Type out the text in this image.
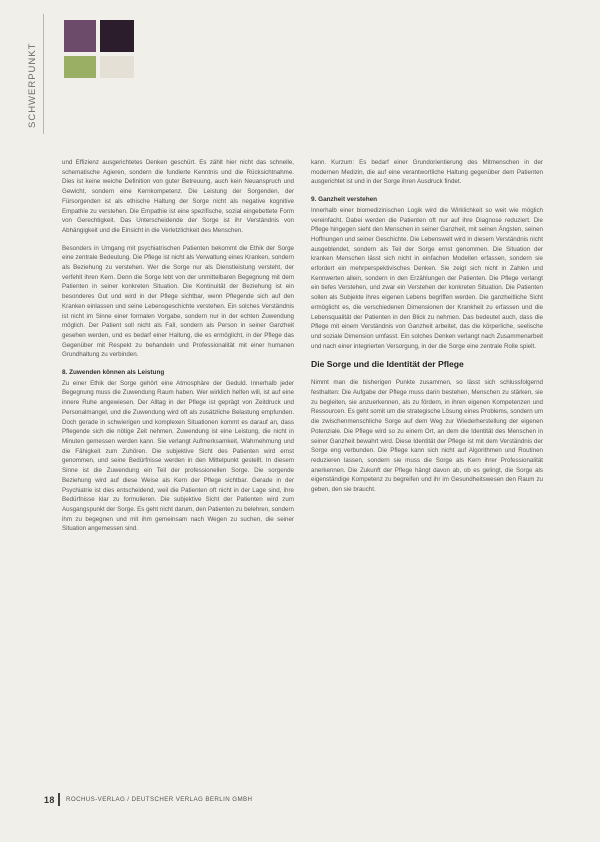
SCHWERPUNKT

und Effizienz ausgerichtetes Denken geschürt. Es zählt hier nicht das schnelle, schematische Agieren, sondern die fundierte Kenntnis und die Rücksichtnahme. Dies ist keine weiche Definition von guter Betreuung, auch kein Neuanspruch und Gewicht, sondern eine Kernkompetenz. Die Leistung der Sorgenden, der Fürsorgenden ist als ethische Haltung der Sorge nicht als negative kognitive Empathie zu verstehen. Die Empathie ist eine spezifische, sozial eingebettete Form von Gerechtigkeit. Das Unterscheidende der Sorge ist ihr Verständnis von Abhängigkeit und die Einsicht in die Verletzlichkeit des Menschen.

Besonders in Umgang mit psychiatrischen Patienten bekommt die Ethik der Sorge eine zentrale Bedeutung. Die Pflege ist nicht als Verwaltung eines Kranken, sondern als Beziehung zu verstehen. Wer die Sorge nur als Dienstleistung versteht, der verfehlt ihren Kern. Denn die Sorge lebt von der unmittelbaren Begegnung mit dem Patienten in seiner konkreten Situation. Die Kontinuität der Beziehung ist ein besonderes Gut und wird in der Pflege sichtbar, wenn Pflegende sich auf den Kranken einlassen und seine Lebensgeschichte verstehen. Ein solches Verständnis ist nicht im Sinne einer formalen Vorgabe, sondern nur in der echten Zuwendung möglich. Der Patient soll nicht als Fall, sondern als Person in seiner Ganzheit gesehen werden, und es bedarf einer Haltung, die es ermöglicht, in der Pflege das Gegenüber mit Respekt zu behandeln und Professionalität mit einer humanen Grundhaltung zu verbinden.

8. Zuwenden können als Leistung

Zu einer Ethik der Sorge gehört eine Atmosphäre der Geduld. Innerhalb jeder Begegnung muss die Zuwendung Raum haben. Wer wirklich helfen will, ist auf eine innere Ruhe angewiesen. Der Alltag in der Pflege ist geprägt von Zeitdruck und Personalmangel, und die Zuwendung wird oft als zusätzliche Belastung empfunden. Doch gerade in schwierigen und komplexen Situationen kommt es darauf an, dass Pflegende sich die nötige Zeit nehmen. Zuwendung ist eine Leistung, die nicht in Minuten gemessen werden kann. Sie verlangt Aufmerksamkeit, Wahrnehmung und die Fähigkeit zum Zuhören. Die subjektive Sicht des Patienten wird ernst genommen, und seine Bedürfnisse werden in den Mittelpunkt gestellt. In diesem Sinne ist die Zuwendung ein Teil der professionellen Sorge. Die sorgende Beziehung wird auf diese Weise als Kern der Pflege sichtbar. Gerade in der Psychiatrie ist dies entscheidend, weil die Patienten oft nicht in der Lage sind, ihre Bedürfnisse klar zu formulieren. Die subjektive Sicht der Patienten wird zum Ausgangspunkt der Sorge. Es geht nicht darum, den Patienten zu belehren, sondern ihm zu begegnen und mit ihm gemeinsam nach Wegen zu suchen, die seiner Situation angemessen sind.

kann. Kurzum: Es bedarf einer Grundorientierung des Mitmenschen in der modernen Medizin, die auf eine verantwortliche Haltung gegenüber dem Patienten ausgerichtet ist und in der Sorge ihren Ausdruck findet.

9. Ganzheit verstehen

Innerhalb einer biomedizinischen Logik wird die Wirklichkeit so weit wie möglich vereinfacht. Dabei werden die Patienten oft nur auf ihre Diagnose reduziert. Die Pflege hingegen sieht den Menschen in seiner Ganzheit, mit seinen Ängsten, seinen Hoffnungen und seiner Geschichte. Die Lebenswelt wird in diesem Verständnis nicht ausgeblendet, sondern als Teil der Sorge ernst genommen. Die Situation der kranken Menschen lässt sich nicht in einfachen Modellen erfassen, sondern sie erfordert ein mehrperspektivisches Denken. Sie zeigt sich nicht in Zahlen und Kennwerten allein, sondern in den Erzählungen der Patienten. Die Pflege verlangt ein tiefes Verstehen, und zwar ein Verstehen der konkreten Situation. Die Patienten sollen als Subjekte ihres eigenen Lebens begriffen werden. Die ganzheitliche Sicht ermöglicht es, die verschiedenen Dimensionen der Krankheit zu erfassen und die Lebensqualität der Patienten in den Blick zu nehmen. Das bedeutet auch, dass die Pflege mit einem Verständnis von Ganzheit arbeitet, das die körperliche, seelische und soziale Dimension umfasst. Ein solches Denken verlangt nach Zusammenarbeit und nach einer integrierten Versorgung, in der die Sorge eine zentrale Rolle spielt.

Die Sorge und die Identität der Pflege

Nimmt man die bisherigen Punkte zusammen, so lässt sich schlussfolgernd festhalten: Die Aufgabe der Pflege muss darin bestehen, Menschen zu stärken, sie zu begleiten, sie anzuerkennen, als zu fördern, in ihren eigenen Kompetenzen und Ressourcen. Es geht somit um die strategische Lösung eines Problems, sondern um die zwischenmenschliche Sorge auf dem Weg zur Wiederherstellung der eigenen Potenziale. Die Pflege wird so zu einem Ort, an dem die Identität des Menschen in seiner Ganzheit bewahrt wird. Diese Identität der Pflege ist mit dem Verständnis der Sorge eng verbunden. Die Pflege kann sich nicht auf Algorithmen und Routinen reduzieren lassen, sondern sie muss die Sorge als Kern ihrer Professionalität anerkennen. Die Zukunft der Pflege hängt davon ab, ob es gelingt, die Sorge als eigenständige Kompetenz zu begreifen und ihr im Gesundheitswesen den Raum zu geben, den sie braucht.

18 ROCHUS-VERLAG / DEUTSCHER VERLAG BERLIN GMBH
